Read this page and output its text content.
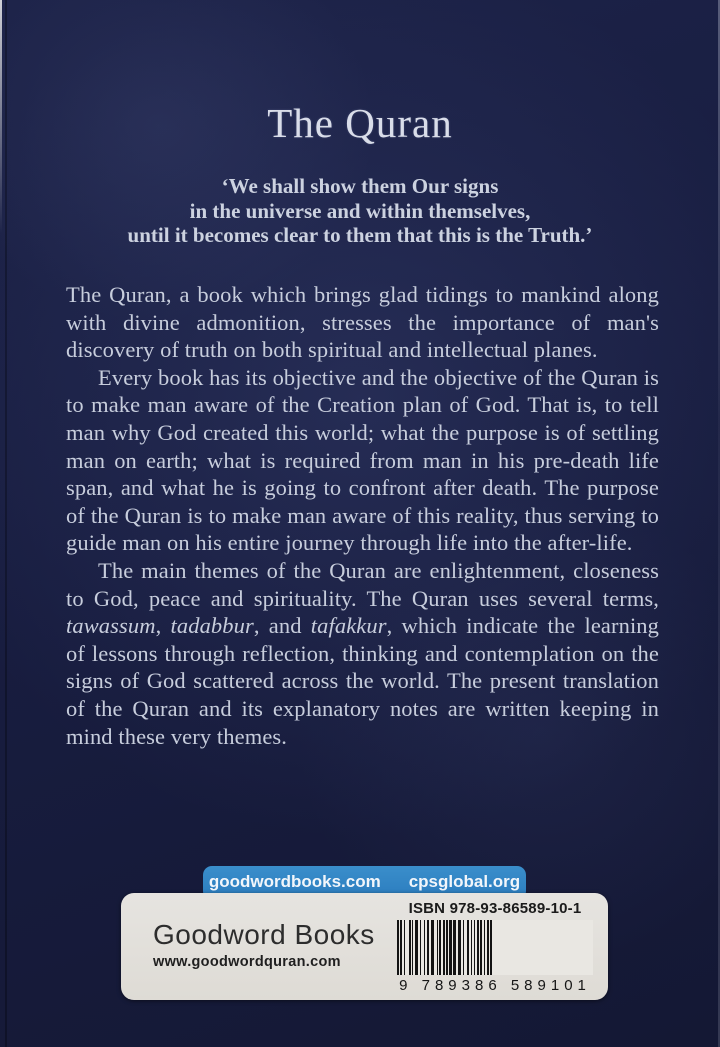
The Quran
‘We shall show them Our signs
in the universe and within themselves,
until it becomes clear to them that this is the Truth.’

The Quran, a book which brings glad tidings to mankind along with divine admonition, stresses the importance of man's discovery of truth on both spiritual and intellectual planes.

Every book has its objective and the objective of the Quran is to make man aware of the Creation plan of God. That is, to tell man why God created this world; what the purpose is of settling man on earth; what is required from man in his pre-death life span, and what he is going to confront after death. The purpose of the Quran is to make man aware of this reality, thus serving to guide man on his entire journey through life into the after-life.

The main themes of the Quran are enlightenment, closeness to God, peace and spirituality. The Quran uses several terms, tawassum, tadabbur, and tafakkur, which indicate the learning of lessons through reflection, thinking and contemplation on the signs of God scattered across the world. The present translation of the Quran and its explanatory notes are written keeping in mind these very themes.

goodwordbooks.com cpsglobal.org
Goodword Books
www.goodwordquran.com
ISBN 978-93-86589-10-1
9 789386 589101
